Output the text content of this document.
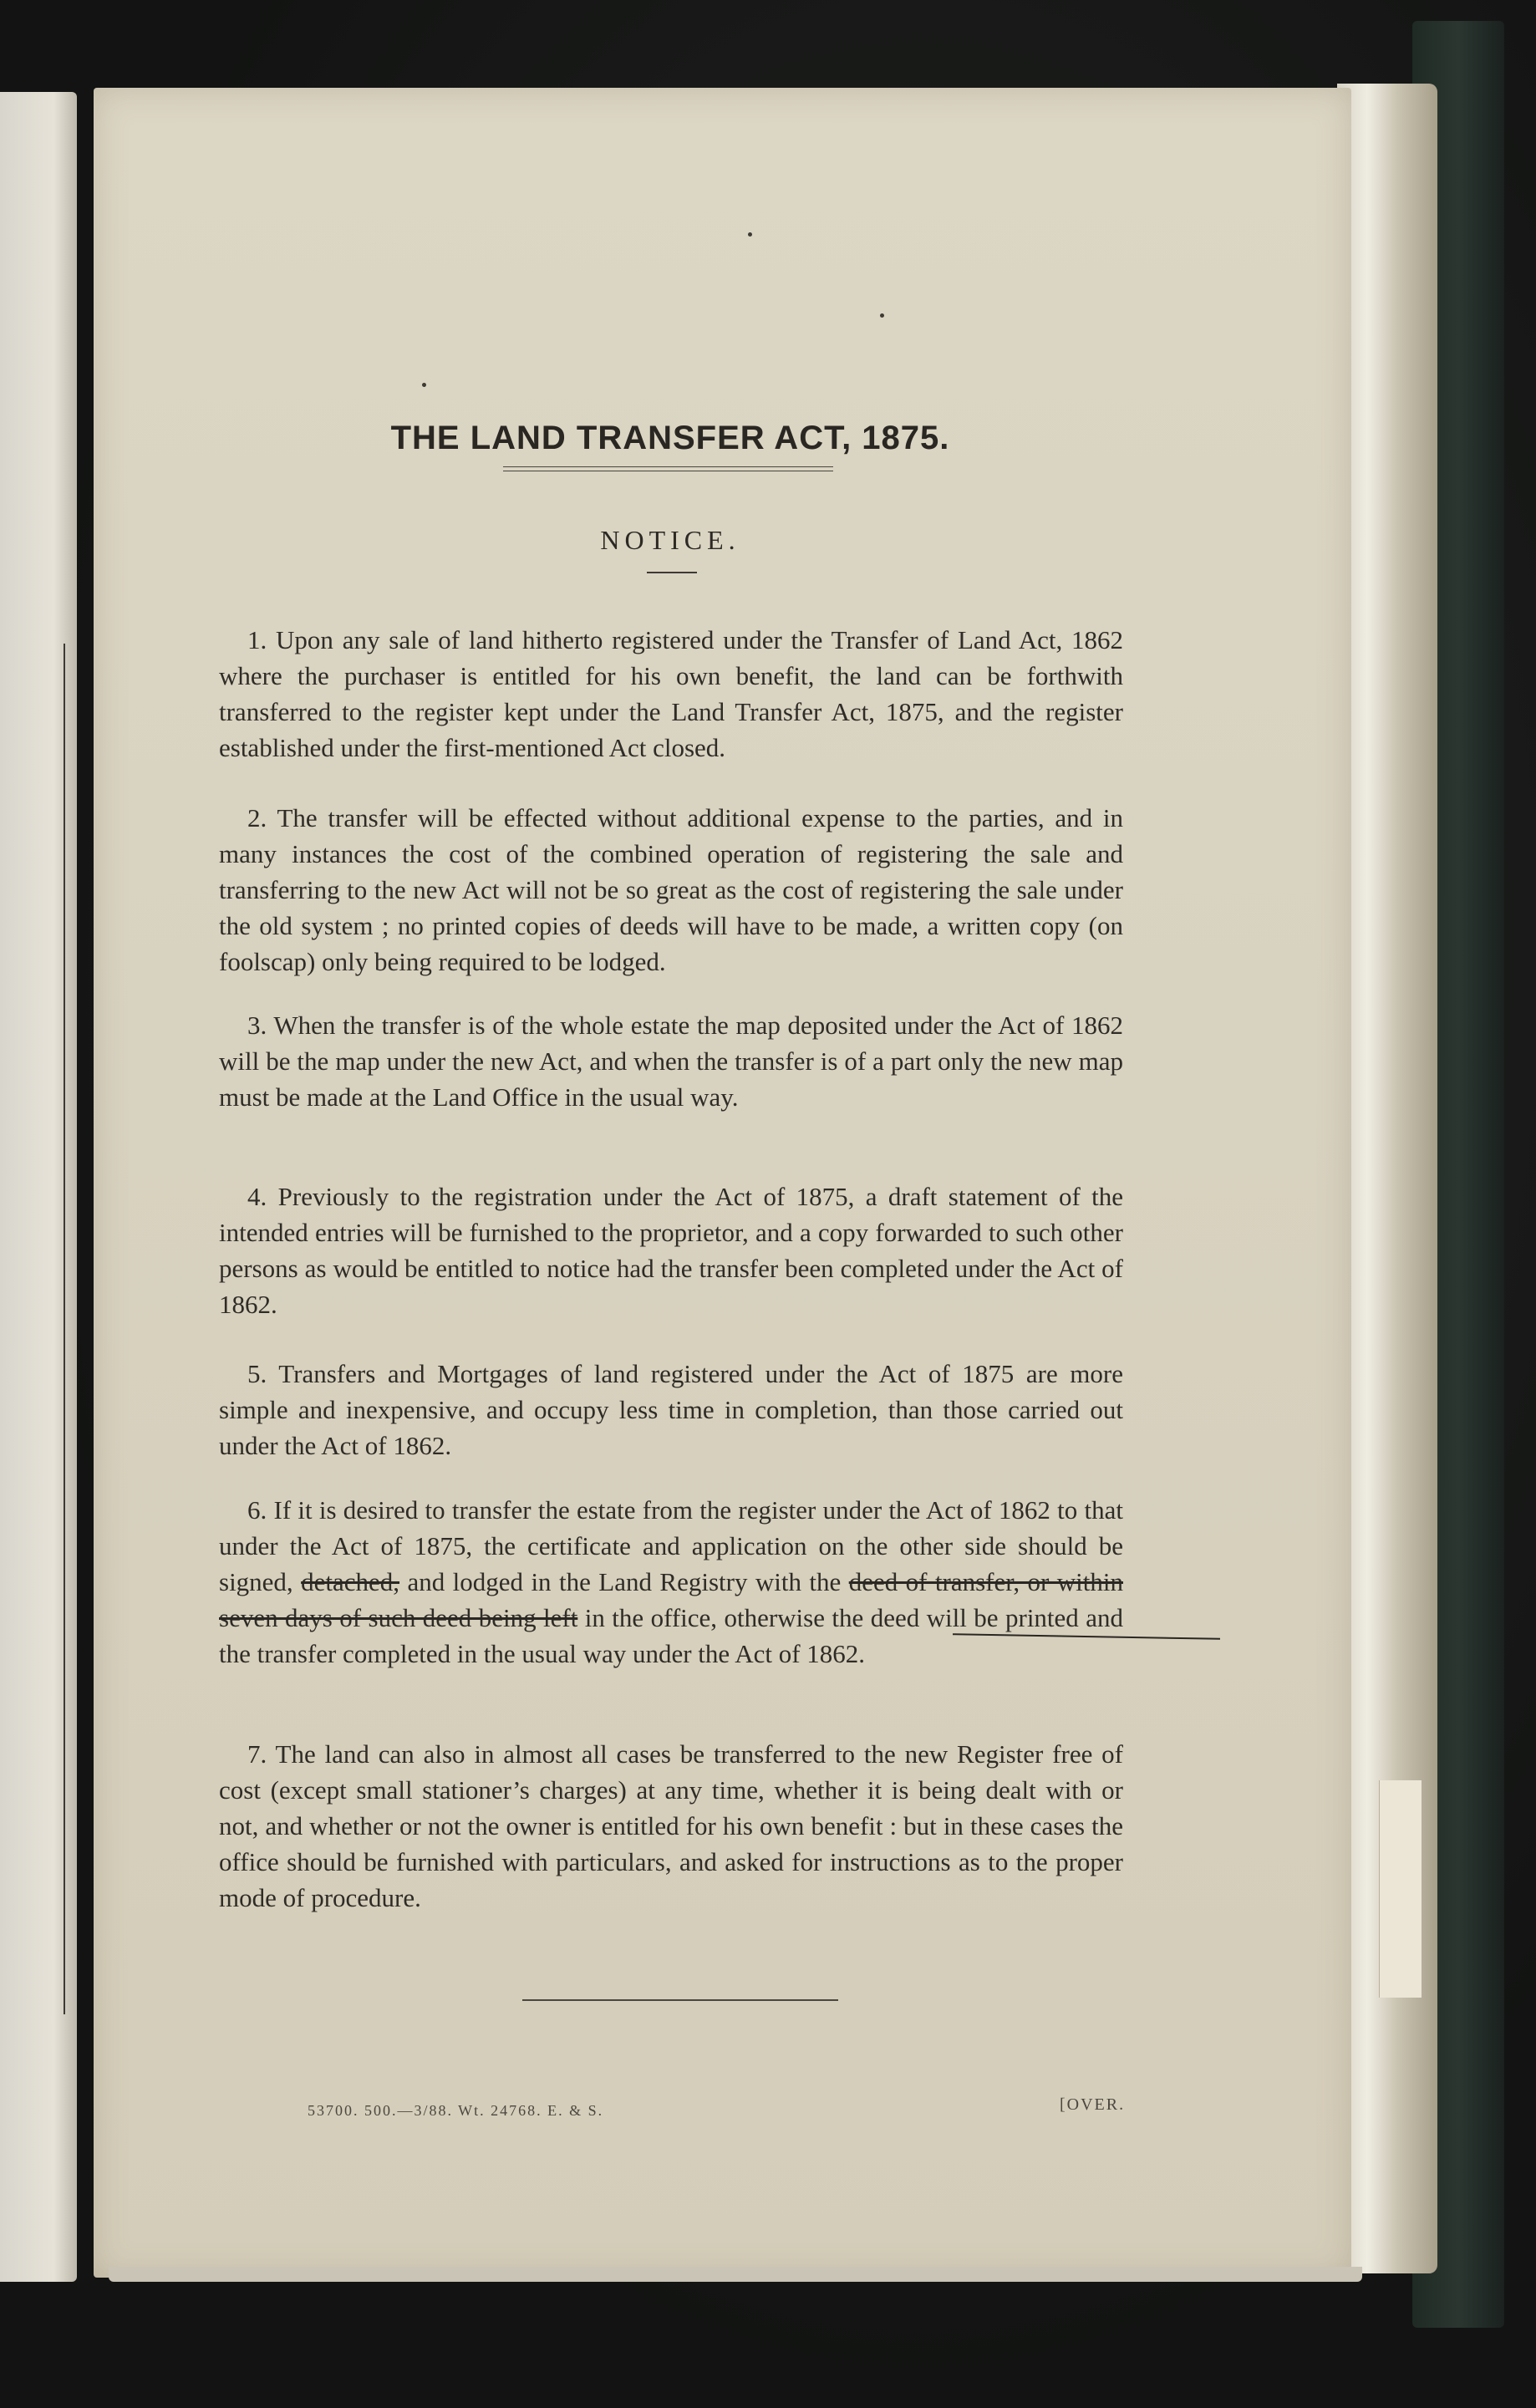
THE LAND TRANSFER ACT, 1875.
NOTICE.

1. Upon any sale of land hitherto registered under the Transfer of Land Act, 1862 where the purchaser is entitled for his own benefit, the land can be forthwith transferred to the register kept under the Land Transfer Act, 1875, and the register established under the first-mentioned Act closed.

2. The transfer will be effected without additional expense to the parties, and in many instances the cost of the combined operation of registering the sale and transferring to the new Act will not be so great as the cost of registering the sale under the old system ; no printed copies of deeds will have to be made, a written copy (on foolscap) only being required to be lodged.

3. When the transfer is of the whole estate the map deposited under the Act of 1862 will be the map under the new Act, and when the transfer is of a part only the new map must be made at the Land Office in the usual way.

4. Previously to the registration under the Act of 1875, a draft statement of the intended entries will be furnished to the proprietor, and a copy forwarded to such other persons as would be entitled to notice had the transfer been completed under the Act of 1862.

5. Transfers and Mortgages of land registered under the Act of 1875 are more simple and inexpensive, and occupy less time in completion, than those carried out under the Act of 1862.

6. If it is desired to transfer the estate from the register under the Act of 1862 to that under the Act of 1875, the certificate and application on the other side should be signed, detached, and lodged in the Land Registry with the deed of transfer, or within seven days of such deed being left in the office, otherwise the deed will be printed and the transfer completed in the usual way under the Act of 1862.

7. The land can also in almost all cases be transferred to the new Register free of cost (except small stationer’s charges) at any time, whether it is being dealt with or not, and whether or not the owner is entitled for his own benefit : but in these cases the office should be furnished with particulars, and asked for instructions as to the proper mode of procedure.

53700. 500.—3/88. Wt. 24768. E. & S.	[OVER.
